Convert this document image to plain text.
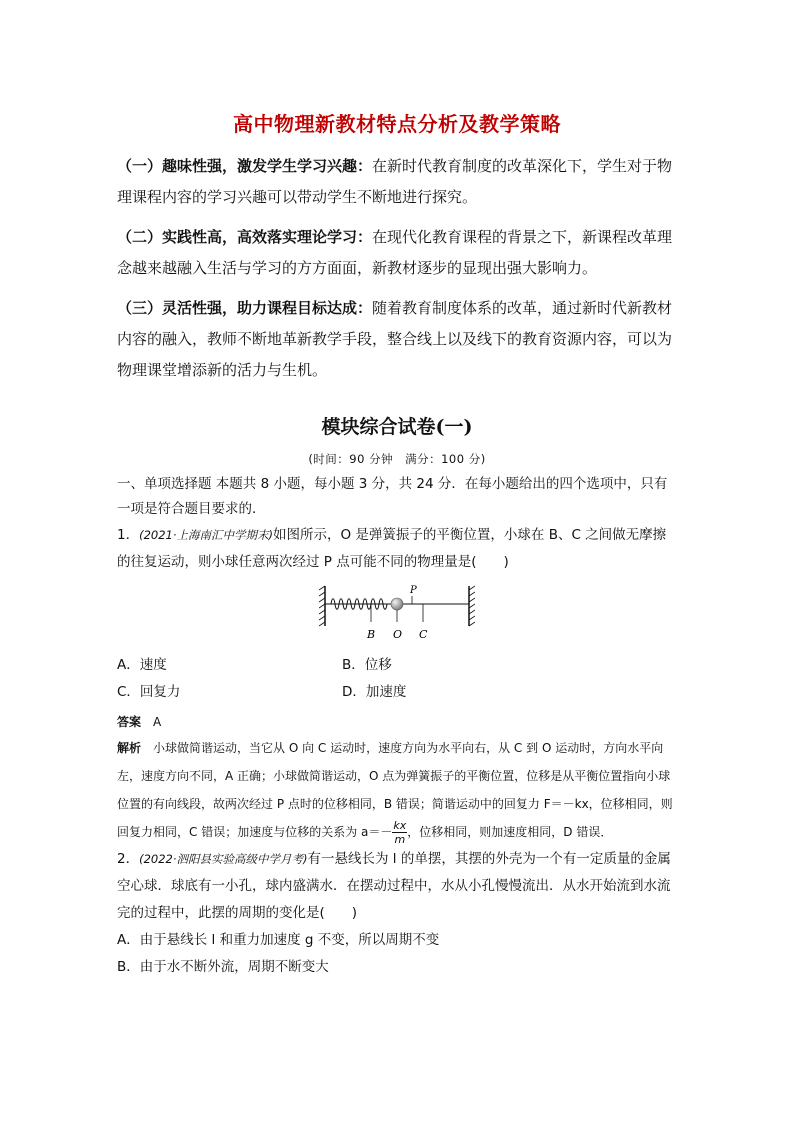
高中物理新教材特点分析及教学策略

（一）趣味性强，激发学生学习兴趣：在新时代教育制度的改革深化下，学生对于物理课程内容的学习兴趣可以带动学生不断地进行探究。

（二）实践性高，高效落实理论学习：在现代化教育课程的背景之下，新课程改革理念越来越融入生活与学习的方方面面，新教材逐步的显现出强大影响力。

（三）灵活性强，助力课程目标达成：随着教育制度体系的改革，通过新时代新教材内容的融入，教师不断地革新教学手段，整合线上以及线下的教育资源内容，可以为物理课堂增添新的活力与生机。

模块综合试卷(一)
(时间：90 分钟　满分：100 分)

一、单项选择题 本题共 8 小题，每小题 3 分，共 24 分．在每小题给出的四个选项中，只有一项是符合题目要求的．

1．(2021·上海南汇中学期末)如图所示，O 是弹簧振子的平衡位置，小球在 B、C 之间做无摩擦的往复运动，则小球任意两次经过 P 点可能不同的物理量是(　　)

P
B O C
A．速度	B．位移
C．回复力	D．加速度

答案　 A

解析　 小球做简谐运动，当它从 O 向 C 运动时，速度方向为水平向右，从 C 到 O 运动时，方向水平向左，速度方向不同，A 正确；小球做简谐运动，O 点为弹簧振子的平衡位置，位移是从平衡位置指向小球位置的有向线段，故两次经过 P 点时的位移相同，B 错误；简谐运动中的回复力 F＝－kx，位移相同，则回复力相同，C 错误；加速度与位移的关系为 $a=- \frac{kx}{m}$ ，位移相同，则加速度相同，D 错误．

2．(2022·泗阳县实验高级中学月考)有一悬线长为 l 的单摆，其摆的外壳为一个有一定质量的金属空心球．球底有一小孔，球内盛满水．在摆动过程中，水从小孔慢慢流出．从水开始流到水流完的过程中，此摆的周期的变化是(　　)

A．由于悬线长 l 和重力加速度 g 不变，所以周期不变
B．由于水不断外流，周期不断变大
